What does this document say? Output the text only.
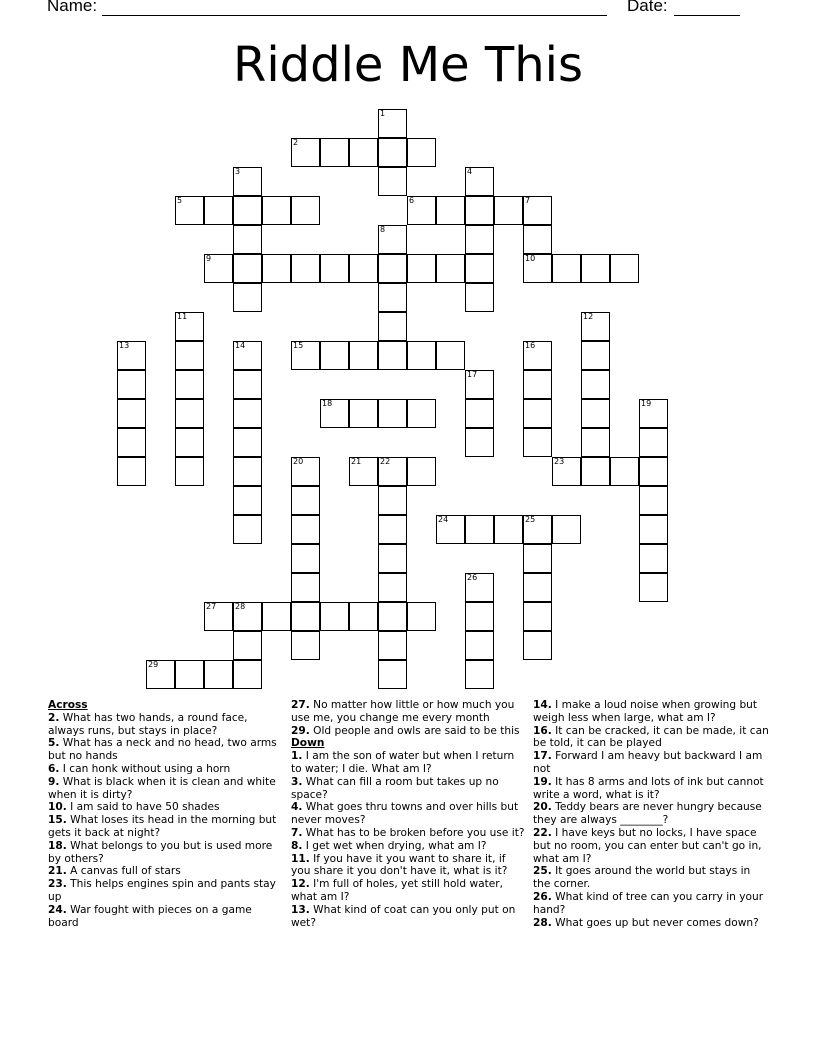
Name:	Date:
Riddle Me This
1
2
3	4
5	6	7
8
9	10
11	12
13	14	15	16
17
18	19
20	21 22	23
24	25
26
27 28
29
Across
2. What has two hands, a round face, always runs, but stays in place?
5. What has a neck and no head, two arms but no hands
6. I can honk without using a horn
9. What is black when it is clean and white when it is dirty?
10. I am said to have 50 shades
15. What loses its head in the morning but gets it back at night?
18. What belongs to you but is used more by others?
21. A canvas full of stars
23. This helps engines spin and pants stay up
24. War fought with pieces on a game board
27. No matter how little or how much you use me, you change me every month
29. Old people and owls are said to be this
Down
1. I am the son of water but when I return to water; I die. What am I?
3. What can fill a room but takes up no space?
4. What goes thru towns and over hills but never moves?
7. What has to be broken before you use it?
8. I get wet when drying, what am I?
11. If you have it you want to share it, if you share it you don't have it, what is it?
12. I'm full of holes, yet still hold water, what am I?
13. What kind of coat can you only put on wet?
14. I make a loud noise when growing but weigh less when large, what am I?
16. It can be cracked, it can be made, it can be told, it can be played
17. Forward I am heavy but backward I am not
19. It has 8 arms and lots of ink but cannot write a word, what is it?
20. Teddy bears are never hungry because they are always ________?
22. I have keys but no locks, I have space but no room, you can enter but can't go in, what am I?
25. It goes around the world but stays in the corner.
26. What kind of tree can you carry in your hand?
28. What goes up but never comes down?
